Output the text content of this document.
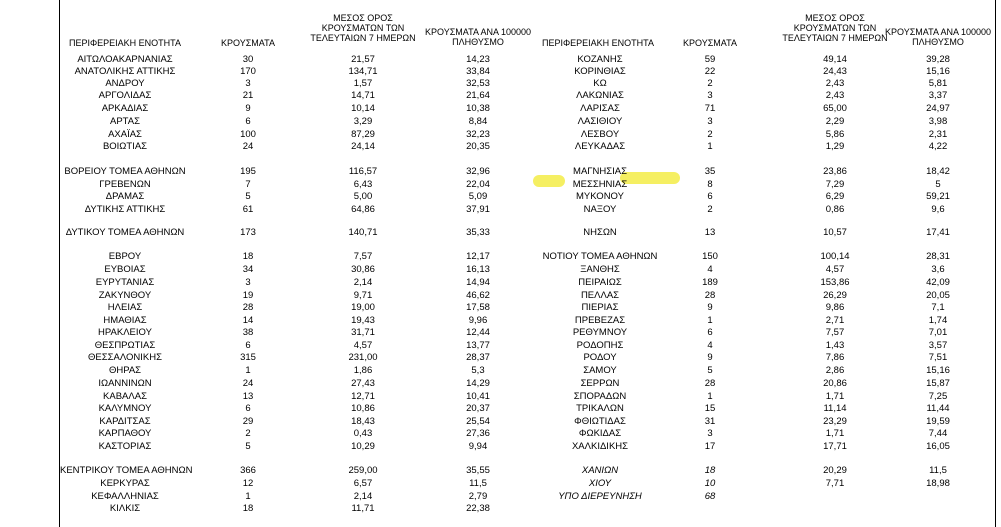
ΠΕΡΙΦΕΡΕΙΑΚΗ ΕΝΟΤΗΤΑ	ΚΡΟΥΣΜΑΤΑ
ΜΕΣΟΣ ΟΡΟΣ
ΚΡΟΥΣΜΑΤΩΝ ΤΩΝ
ΤΕΛΕΥΤΑΙΩΝ 7 ΗΜΕΡΩΝ
ΚΡΟΥΣΜΑΤΑ ΑΝΑ 100000
ΠΛΗΘΥΣΜΟ	ΠΕΡΙΦΕΡΕΙΑΚΗ ΕΝΟΤΗΤΑ	ΚΡΟΥΣΜΑΤΑ
ΜΕΣΟΣ ΟΡΟΣ
ΚΡΟΥΣΜΑΤΩΝ ΤΩΝ
ΤΕΛΕΥΤΑΙΩΝ 7 ΗΜΕΡΩΝ
ΚΡΟΥΣΜΑΤΑ ΑΝΑ 100000
ΠΛΗΘΥΣΜΟ
ΑΙΤΩΛΟΑΚΑΡΝΑΝΙΑΣ	30	21,57	14,23
ΑΝΑΤΟΛΙΚΗΣ ΑΤΤΙΚΗΣ	170	134,71	33,84
ΑΝΔΡΟΥ	3	1,57	32,53
ΑΡΓΟΛΙΔΑΣ	21	14,71	21,64
ΑΡΚΑΔΙΑΣ	9	10,14	10,38
ΑΡΤΑΣ	6	3,29	8,84
ΑΧΑΪΑΣ	100	87,29	32,23
ΒΟΙΩΤΙΑΣ	24	24,14	20,35
ΒΟΡΕΙΟΥ ΤΟΜΕΑ ΑΘΗΝΩΝ	195	116,57	32,96
ΓΡΕΒΕΝΩΝ	7	6,43	22,04
ΔΡΑΜΑΣ	5	5,00	5,09
ΔΥΤΙΚΗΣ ΑΤΤΙΚΗΣ	61	64,86	37,91
ΔΥΤΙΚΟΥ ΤΟΜΕΑ ΑΘΗΝΩΝ	173	140,71	35,33
ΕΒΡΟΥ	18	7,57	12,17
ΕΥΒΟΙΑΣ	34	30,86	16,13
ΕΥΡΥΤΑΝΙΑΣ	3	2,14	14,94
ΖΑΚΥΝΘΟΥ	19	9,71	46,62
ΗΛΕΙΑΣ	28	19,00	17,58
ΗΜΑΘΙΑΣ	14	19,43	9,96
ΗΡΑΚΛΕΙΟΥ	38	31,71	12,44
ΘΕΣΠΡΩΤΙΑΣ	6	4,57	13,77
ΘΕΣΣΑΛΟΝΙΚΗΣ	315	231,00	28,37
ΘΗΡΑΣ	1	1,86	5,3
ΙΩΑΝΝΙΝΩΝ	24	27,43	14,29
ΚΑΒΑΛΑΣ	13	12,71	10,41
ΚΑΛΥΜΝΟΥ	6	10,86	20,37
ΚΑΡΔΙΤΣΑΣ	29	18,43	25,54
ΚΑΡΠΑΘΟΥ	2	0,43	27,36
ΚΑΣΤΟΡΙΑΣ	5	10,29	9,94
ΚΕΝΤΡΙΚΟΥ ΤΟΜΕΑ ΑΘΗΝΩΝ	366	259,00	35,55
ΚΕΡΚΥΡΑΣ	12	6,57	11,5
ΚΕΦΑΛΛΗΝΙΑΣ	1	2,14	2,79
ΚΙΛΚΙΣ	18	11,71	22,38
ΚΟΖΑΝΗΣ	59	49,14	39,28
ΚΟΡΙΝΘΙΑΣ	22	24,43	15,16
ΚΩ	2	2,43	5,81
ΛΑΚΩΝΙΑΣ	3	2,43	3,37
ΛΑΡΙΣΑΣ	71	65,00	24,97
ΛΑΣΙΘΙΟΥ	3	2,29	3,98
ΛΕΣΒΟΥ	2	5,86	2,31
ΛΕΥΚΑΔΑΣ	1	1,29	4,22
ΜΑΓΝΗΣΙΑΣ	35	23,86	18,42
ΜΕΣΣΗΝΙΑΣ	8	7,29	5
ΜΥΚΟΝΟΥ	6	6,29	59,21
ΝΑΞΟΥ	2	0,86	9,6
ΝΗΣΩΝ	13	10,57	17,41
ΝΟΤΙΟΥ ΤΟΜΕΑ ΑΘΗΝΩΝ	150	100,14	28,31
ΞΑΝΘΗΣ	4	4,57	3,6
ΠΕΙΡΑΙΩΣ	189	153,86	42,09
ΠΕΛΛΑΣ	28	26,29	20,05
ΠΙΕΡΙΑΣ	9	9,86	7,1
ΠΡΕΒΕΖΑΣ	1	2,71	1,74
ΡΕΘΥΜΝΟΥ	6	7,57	7,01
ΡΟΔΟΠΗΣ	4	1,43	3,57
ΡΟΔΟΥ	9	7,86	7,51
ΣΑΜΟΥ	5	2,86	15,16
ΣΕΡΡΩΝ	28	20,86	15,87
ΣΠΟΡΑΔΩΝ	1	1,71	7,25
ΤΡΙΚΑΛΩΝ	15	11,14	11,44
ΦΘΙΩΤΙΔΑΣ	31	23,29	19,59
ΦΩΚΙΔΑΣ	3	1,71	7,44
ΧΑΛΚΙΔΙΚΗΣ	17	17,71	16,05
ΧΑΝΙΩΝ	18	20,29	11,5
ΧΙΟΥ	10	7,71	18,98
ΥΠΟ ΔΙΕΡΕΥΝΗΣΗ	68
